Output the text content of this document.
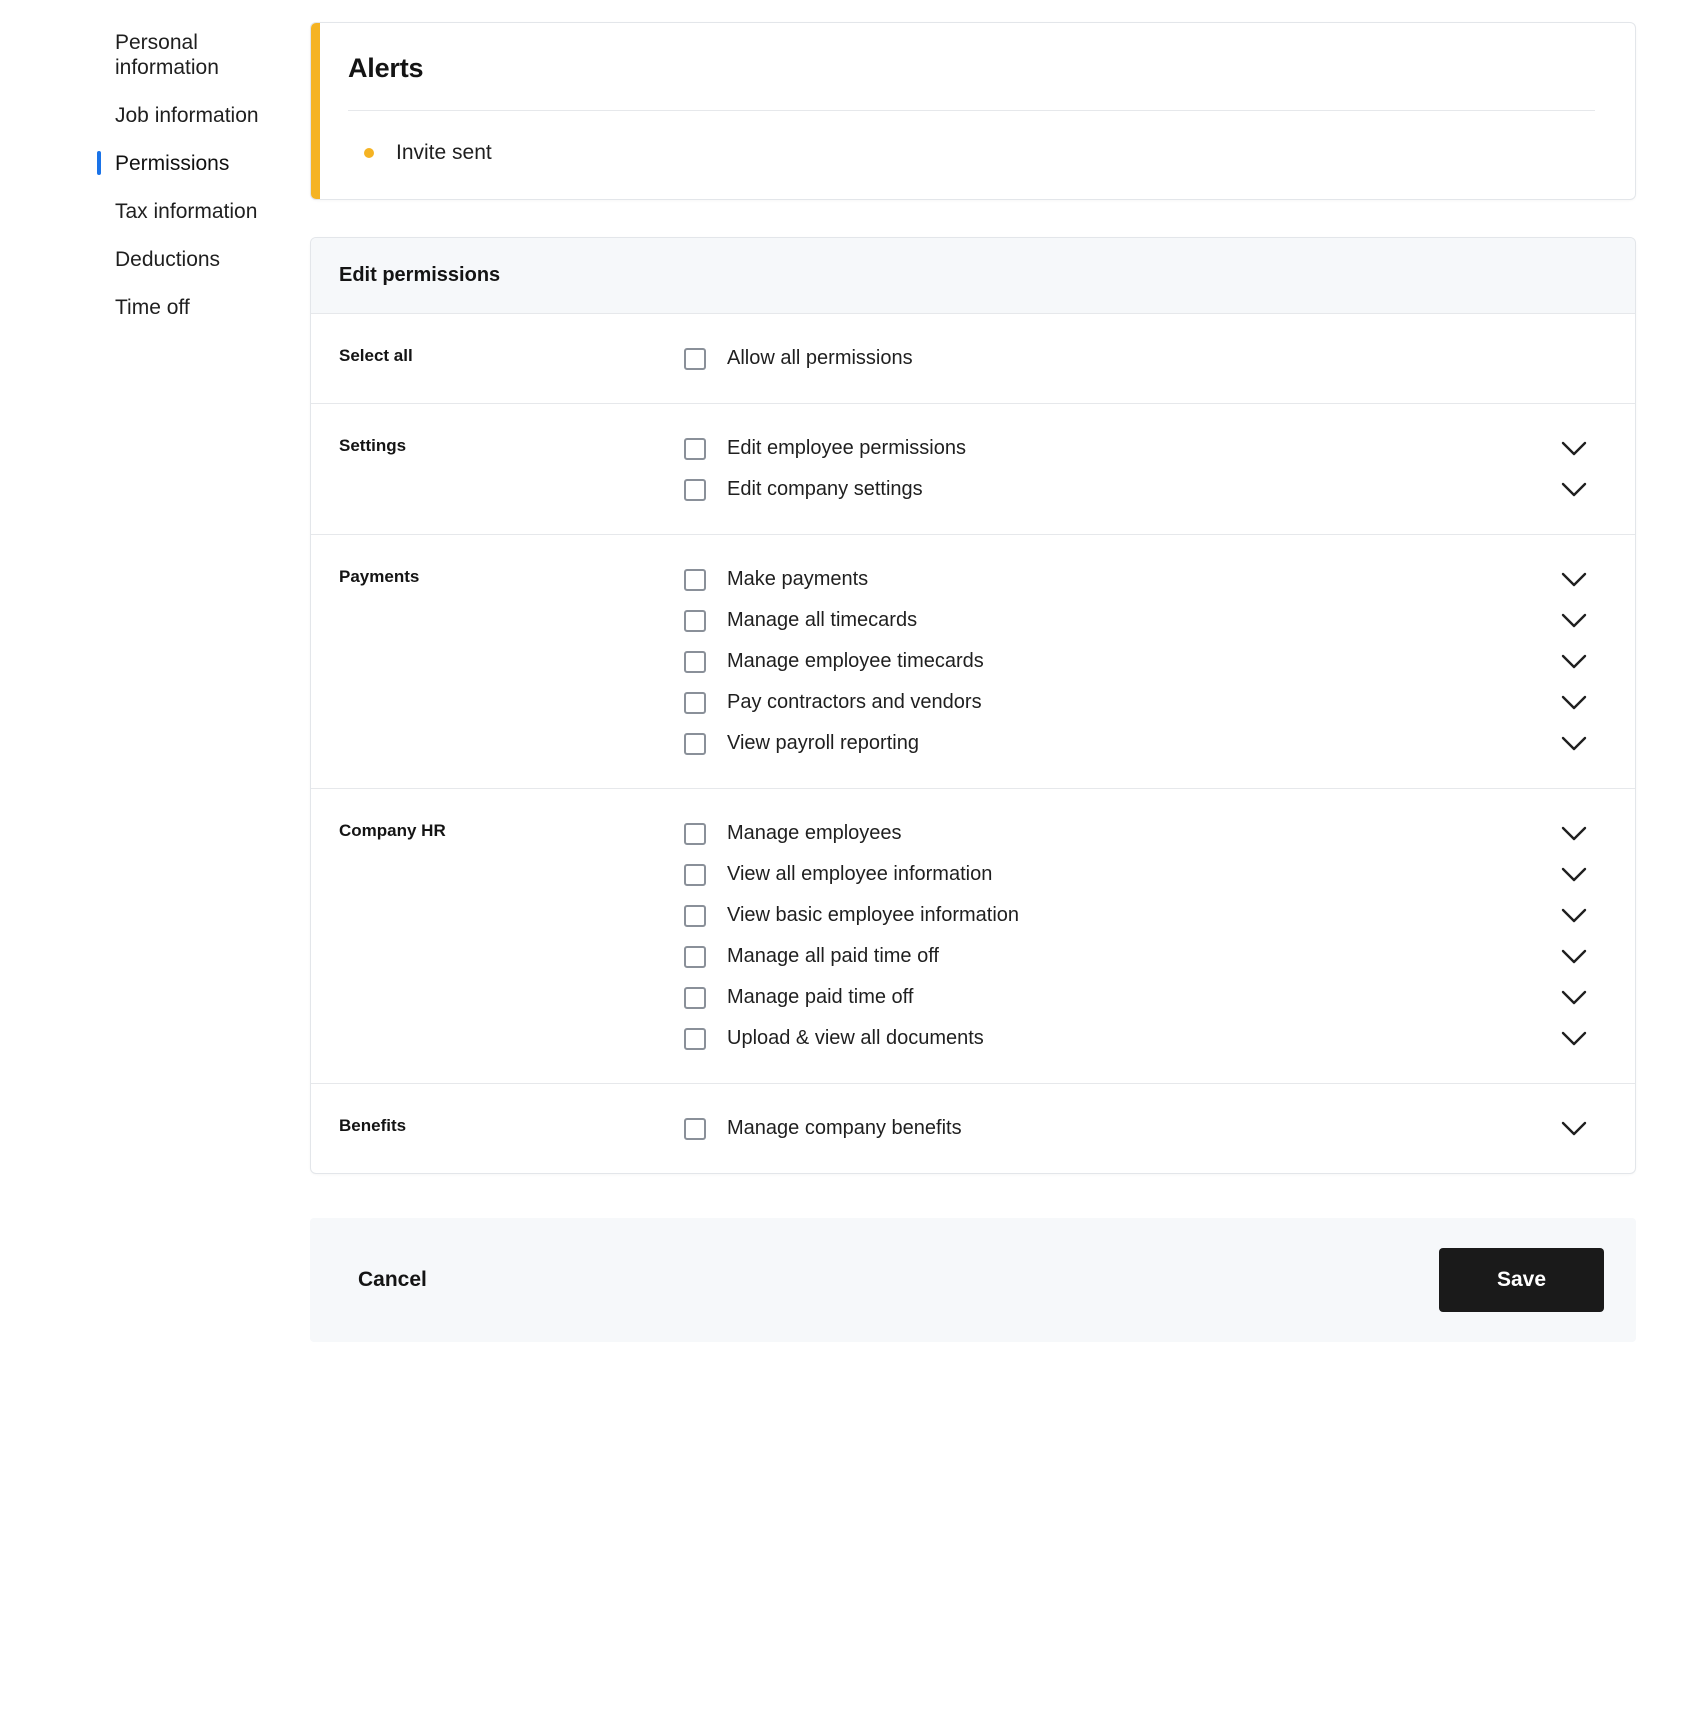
Personal information
Job information
Permissions
Tax information
Deductions
Time off
Alerts
Invite sent
Edit permissions
Select all	Allow all permissions
Settings	Edit employee permissions
Edit company settings
Payments	Make payments
Manage all timecards
Manage employee timecards
Pay contractors and vendors
View payroll reporting
Company HR	Manage employees
View all employee information
View basic employee information
Manage all paid time off
Manage paid time off
Upload & view all documents
Benefits	Manage company benefits
Cancel	Save
